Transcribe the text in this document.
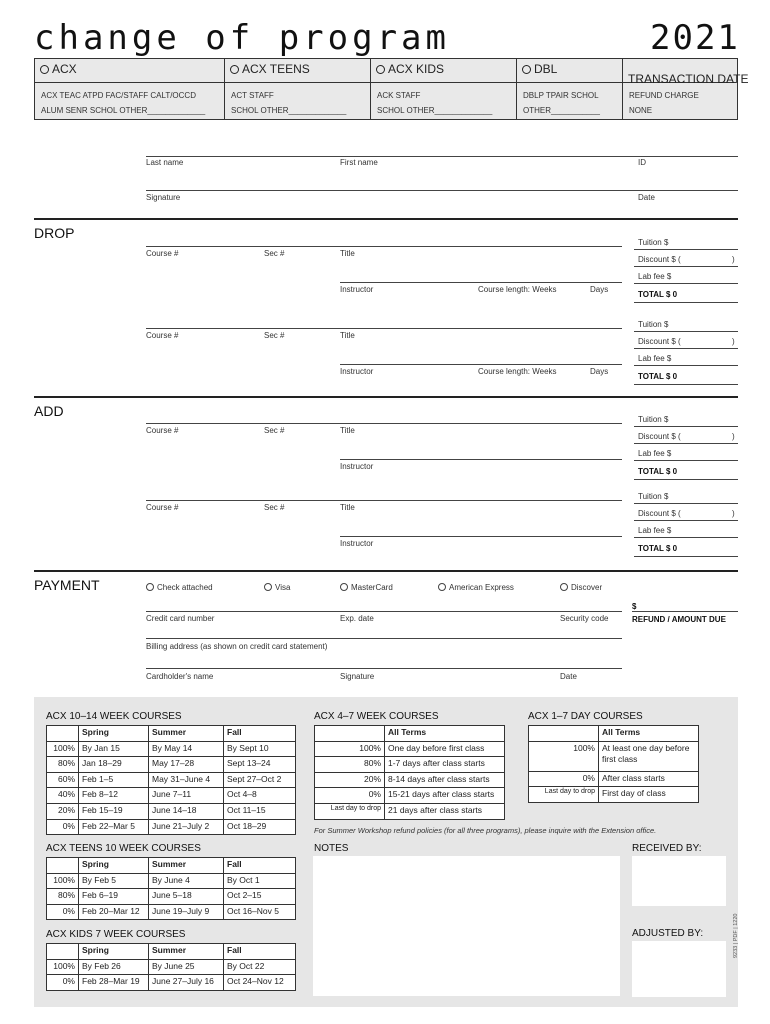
change of program	2021
ACX
ACX TEAC ATPD FAC/STAFF CALT/OCCD
ALUM SENR SCHOL OTHER_____________
ACX TEENS
ACT STAFF
SCHOL OTHER_____________
ACX KIDS
ACK STAFF
SCHOL OTHER_____________
DBL
DBLP TPAIR SCHOL
OTHER___________
TRANSACTION DATE
REFUND CHARGE
NONE
Last name	First name	ID
Signature	Date
DROP
Course #	Sec #	Title
Instructor	Course length: Weeks	Days
Tuition $
Discount $ (	)
Lab fee $
TOTAL $ 0
Course #	Sec #	Title
Instructor	Course length: Weeks	Days
Tuition $
Discount $ (	)
Lab fee $
TOTAL $ 0
Course #	Sec #	Title
Instructor
Tuition $
Discount $ (	)
Lab fee $
TOTAL $ 0
Course #	Sec #	Title
Instructor
Tuition $
Discount $ (	)
Lab fee $
TOTAL $ 0
ADD
PAYMENT	Check attached	Visa	MasterCard	American Express	Discover
Credit card number	Exp. date	Security code
$
REFUND / AMOUNT DUE
Billing address (as shown on credit card statement)
Cardholder's name	Signature	Date
ACX 10–14 WEEK COURSES
	Spring	Summer	Fall
100%	By Jan 15	By May 14	By Sept 10
80%	Jan 18–29	May 17–28	Sept 13–24
60%	Feb 1–5	May 31–June 4	Sept 27–Oct 2
40%	Feb 8–12	June 7–11	Oct 4–8
20%	Feb 15–19	June 14–18	Oct 11–15
0%	Feb 22–Mar 5	June 21–July 2	Oct 18–29
ACX 4–7 WEEK COURSES
	All Terms
100%	One day before first class
80%	1-7 days after class starts
20%	8-14 days after class starts
0%	15-21 days after class starts
Last day to drop	21 days after class starts
ACX 1–7 DAY COURSES
	All Terms
100%	At least one day before first class
0%	After class starts
Last day to drop	First day of class
For Summer Workshop refund policies (for all three programs), please inquire with the Extension office.
ACX TEENS 10 WEEK COURSES
	Spring	Summer	Fall
100%	By Feb 5	By June 4	By Oct 1
80%	Feb 6–19	June 5–18	Oct 2–15
0%	Feb 20–Mar 12	June 19–July 9	Oct 16–Nov 5
ACX KIDS 7 WEEK COURSES
	Spring	Summer	Fall
100%	By Feb 26	By June 25	By Oct 22
0%	Feb 28–Mar 19	June 27–July 16	Oct 24–Nov 12
NOTES	RECEIVED BY:
ADJUSTED BY:	9233 | PDF | 1220
